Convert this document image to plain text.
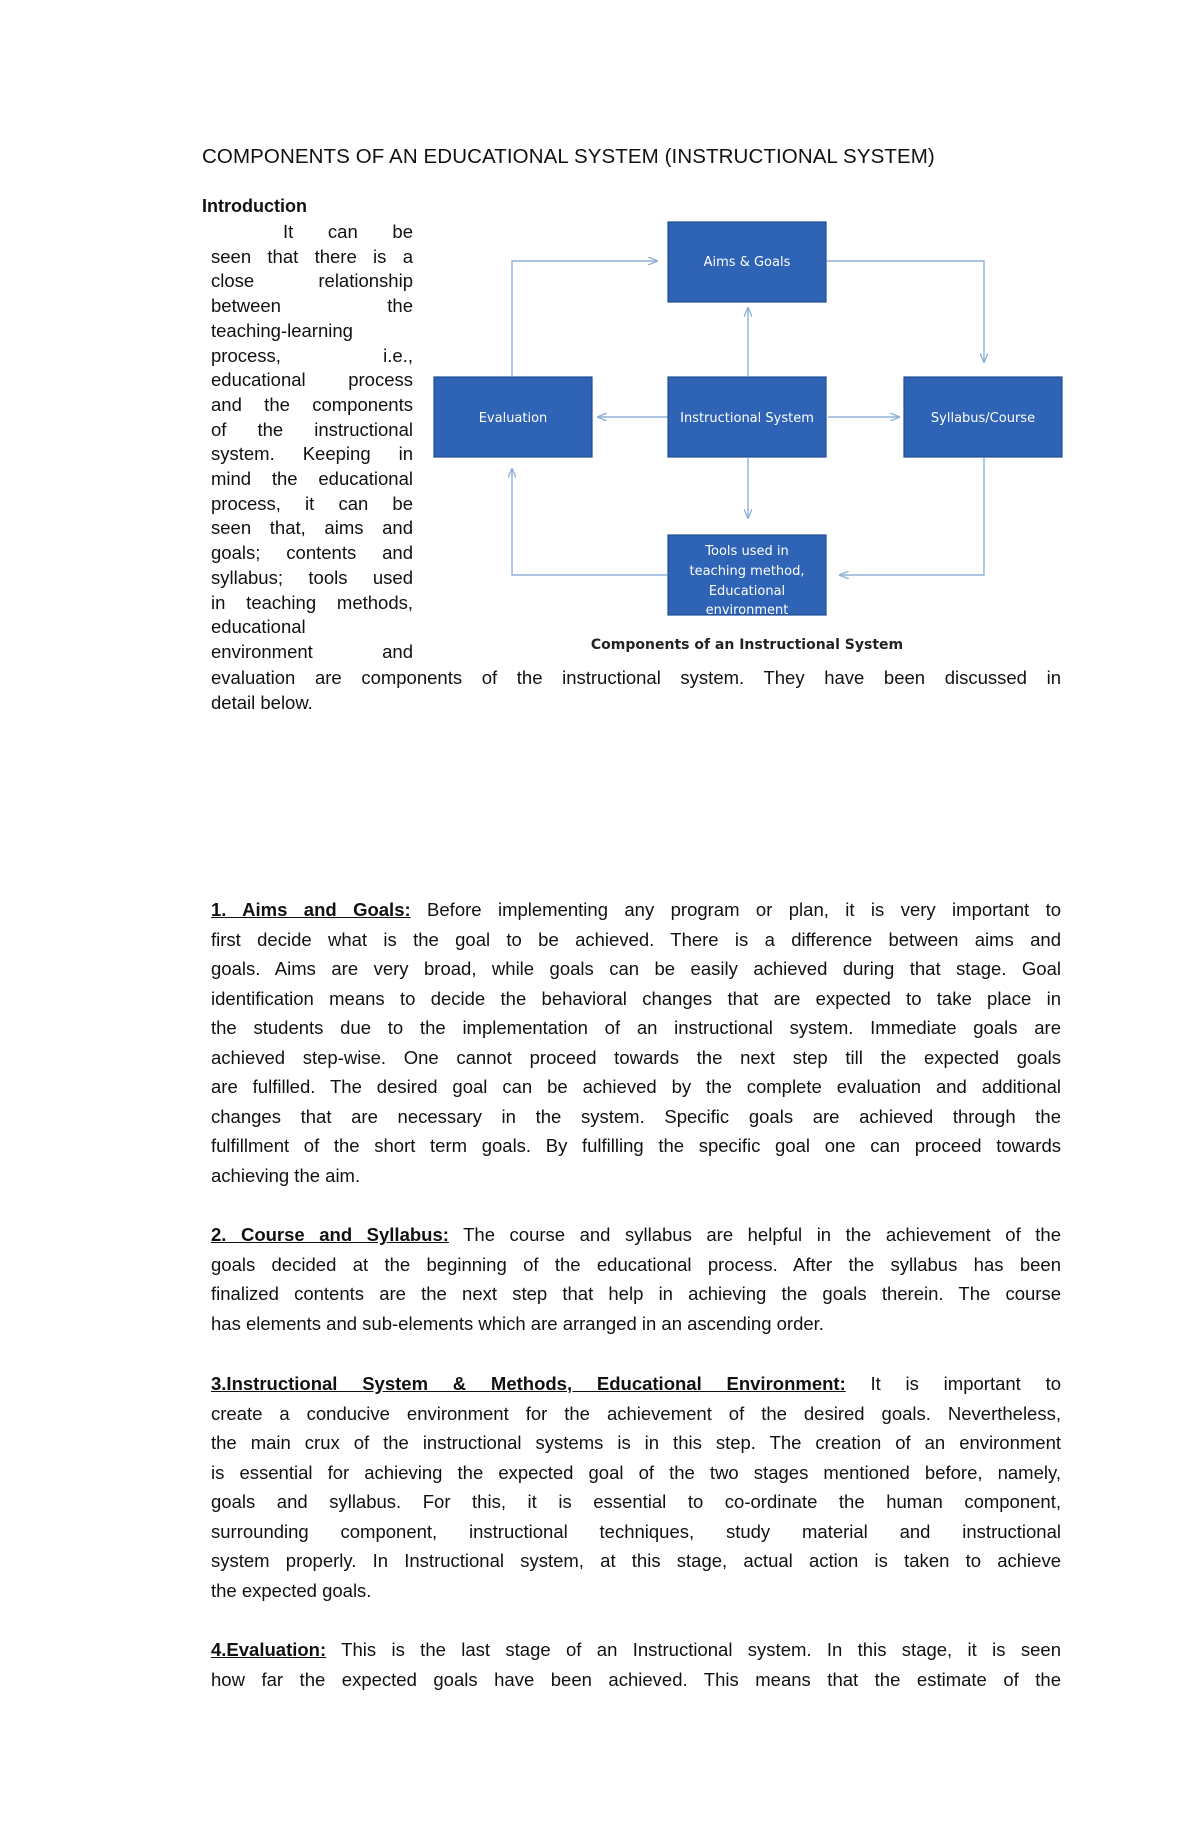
COMPONENTS OF AN EDUCATIONAL SYSTEM (INSTRUCTIONAL SYSTEM)
Introduction
It can be
seen that there is a
close relationship
between the
teaching-learning
process, i.e.,
educational process
and the components
of the instructional
system. Keeping in
mind the educational
process, it can be
seen that, aims and
goals; contents and
syllabus; tools used
in teaching methods,
educational
environment and
evaluation are components of the instructional system. They have been discussed in
detail below.
Aims & Goals
Evaluation	Instructional System	Syllabus/Course
Tools used in
teaching method,
Educational
environment
Components of an Instructional System
1. Aims and Goals: Before implementing any program or plan, it is very important to
first decide what is the goal to be achieved. There is a difference between aims and
goals. Aims are very broad, while goals can be easily achieved during that stage. Goal
identification means to decide the behavioral changes that are expected to take place in
the students due to the implementation of an instructional system. Immediate goals are
achieved step-wise. One cannot proceed towards the next step till the expected goals
are fulfilled. The desired goal can be achieved by the complete evaluation and additional
changes that are necessary in the system. Specific goals are achieved through the
fulfillment of the short term goals. By fulfilling the specific goal one can proceed towards
achieving the aim.
2. Course and Syllabus: The course and syllabus are helpful in the achievement of the
goals decided at the beginning of the educational process. After the syllabus has been
finalized contents are the next step that help in achieving the goals therein. The course
has elements and sub-elements which are arranged in an ascending order.
3.Instructional System & Methods, Educational Environment: It is important to
create a conducive environment for the achievement of the desired goals. Nevertheless,
the main crux of the instructional systems is in this step. The creation of an environment
is essential for achieving the expected goal of the two stages mentioned before, namely,
goals and syllabus. For this, it is essential to co-ordinate the human component,
surrounding component, instructional techniques, study material and instructional
system properly. In Instructional system, at this stage, actual action is taken to achieve
the expected goals.
4.Evaluation: This is the last stage of an Instructional system. In this stage, it is seen
how far the expected goals have been achieved. This means that the estimate of the
